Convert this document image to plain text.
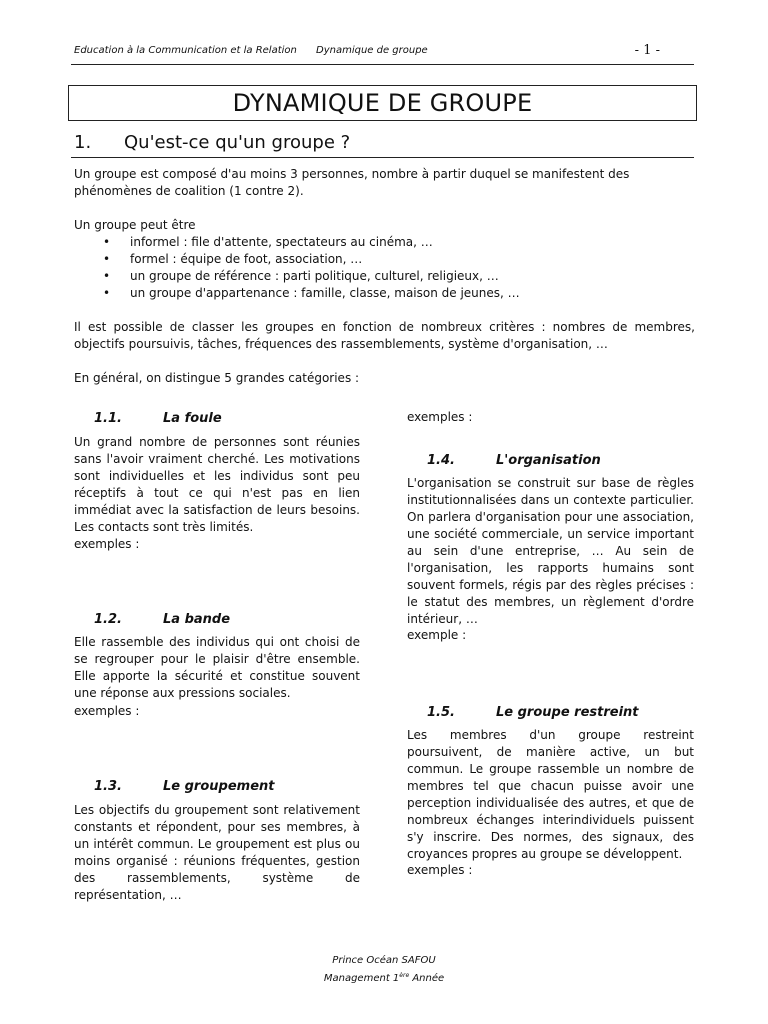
Education à la Communication et la Relation Dynamique de groupe	- 1 -
DYNAMIQUE DE GROUPE
1. Qu'est-ce qu'un groupe ?
Un groupe est composé d'au moins 3 personnes, nombre à partir duquel se manifestent des phénomènes de coalition (1 contre 2).
Un groupe peut être
• informel : file d'attente, spectateurs au cinéma, …
• formel : équipe de foot, association, …
• un groupe de référence : parti politique, culturel, religieux, …
• un groupe d'appartenance : famille, classe, maison de jeunes, …
Il est possible de classer les groupes en fonction de nombreux critères : nombres de membres, objectifs poursuivis, tâches, fréquences des rassemblements, système d'organisation, …
En général, on distingue 5 grandes catégories :
1.1.	La foule
Un grand nombre de personnes sont réunies sans l'avoir vraiment cherché. Les motivations sont individuelles et les individus sont peu réceptifs à tout ce qui n'est pas en lien immédiat avec la satisfaction de leurs besoins. Les contacts sont très limités.
exemples :
1.2.	La bande
Elle rassemble des individus qui ont choisi de se regrouper pour le plaisir d'être ensemble. Elle apporte la sécurité et constitue souvent une réponse aux pressions sociales.
exemples :
1.3.	Le groupement
Les objectifs du groupement sont relativement constants et répondent, pour ses membres, à un intérêt commun. Le groupement est plus ou moins organisé : réunions fréquentes, gestion des rassemblements, système de représentation, …
exemples :
1.4.	L'organisation
L'organisation se construit sur base de règles institutionnalisées dans un contexte particulier. On parlera d'organisation pour une association, une société commerciale, un service important au sein d'une entreprise, … Au sein de l'organisation, les rapports humains sont souvent formels, régis par des règles précises : le statut des membres, un règlement d'ordre intérieur, …
exemple :
1.5.	Le groupe restreint
Les membres d'un groupe restreint poursuivent, de manière active, un but commun. Le groupe rassemble un nombre de membres tel que chacun puisse avoir une perception individualisée des autres, et que de nombreux échanges interindividuels puissent s'y inscrire. Des normes, des signaux, des croyances propres au groupe se développent.
exemples :
Prince Océan SAFOU
Management 1ère Année
